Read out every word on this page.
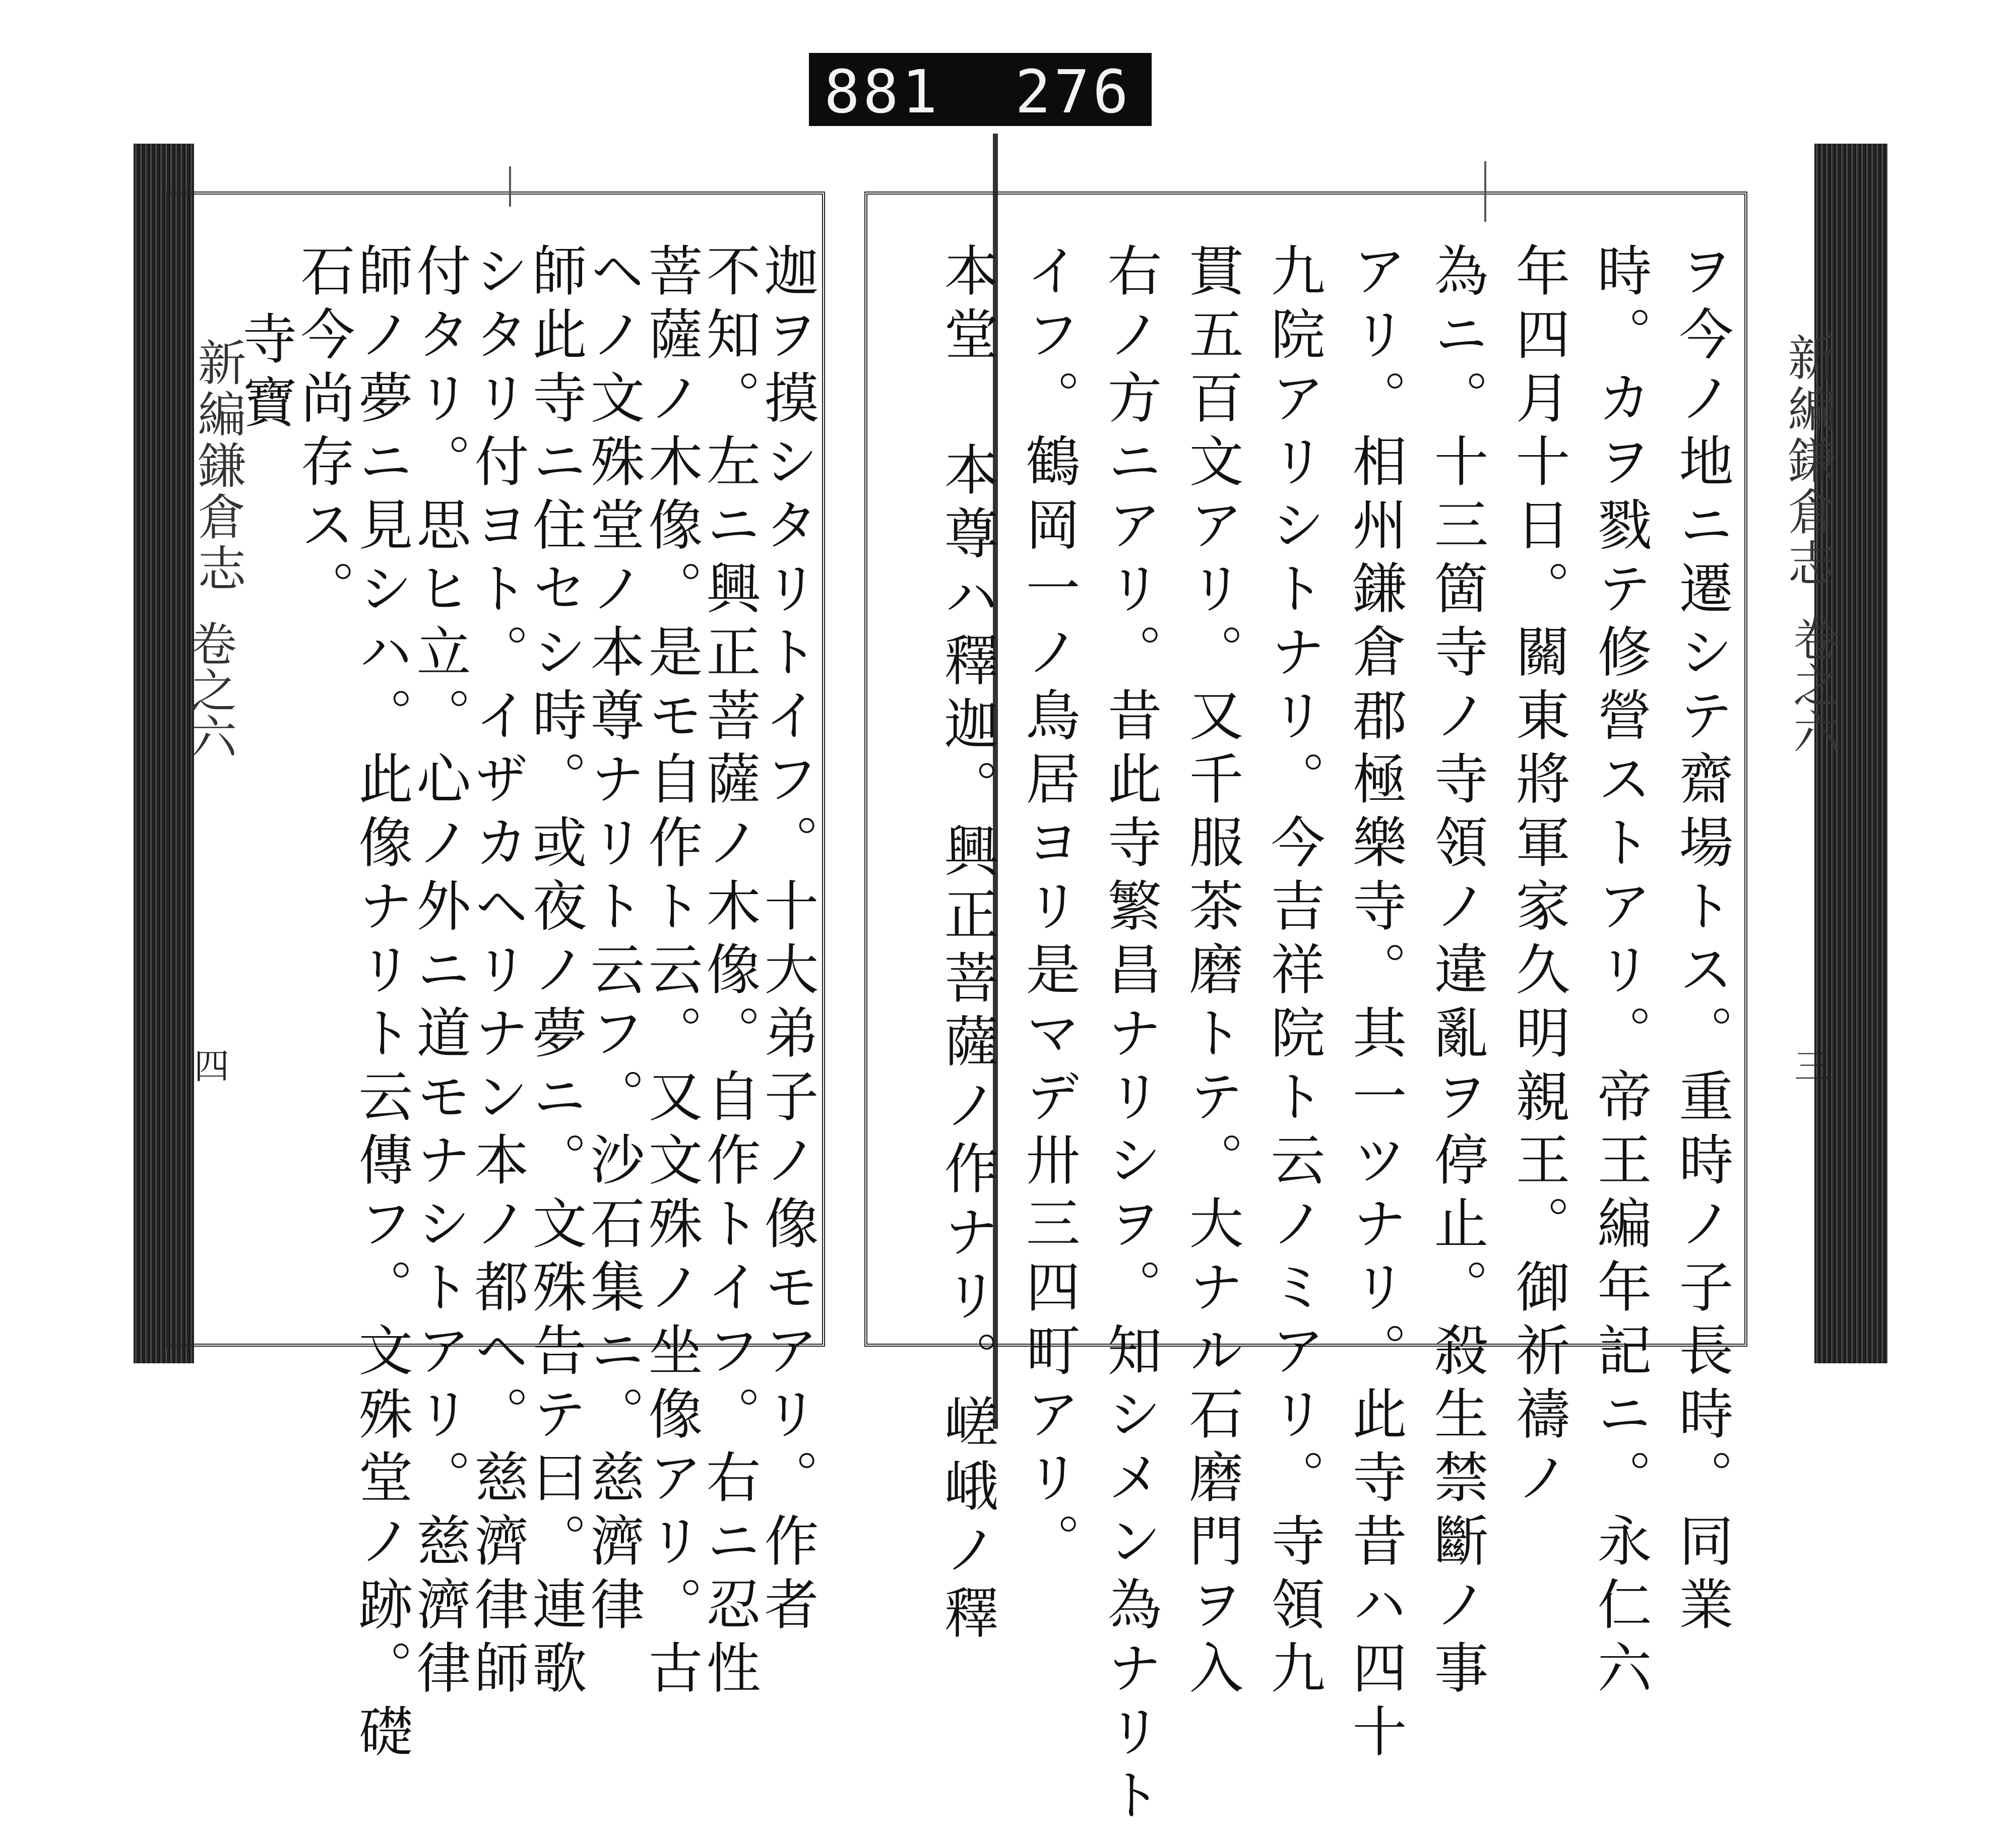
881 276
新編鎌倉志
卷之六
四
新編鎌倉志
卷之六
三
迦ヲ摸シタリトイフ。十大弟子ノ像モアリ。作者
不知。左ニ興正菩薩ノ木像。自作トイフ。右ニ忍性
菩薩ノ木像。是モ自作ト云。又文殊ノ坐像アリ。古
ヘノ文殊堂ノ本尊ナリト云フ。沙石集ニ。慈濟律
師此寺ニ住セシ時。或夜ノ夢ニ。文殊告テ曰。連歌
シタリ付ヨト。イザカヘリナン本ノ都ヘ。慈濟律師
付タリ。思ヒ立。心ノ外ニ道モナシトアリ。慈濟律
師ノ夢ニ見シハ。此像ナリト云傳フ。文殊堂ノ跡。礎
石今尚存ス。
寺寶	ヲ今ノ地ニ遷シテ齋場トス。重時ノ子長時。同業
時。カヲ戮テ修營ストアリ。帝王編年記ニ。永仁六
年四月十日。關東將軍家久明親王。御祈禱ノ
為ニ。十三箇寺ノ寺領ノ違亂ヲ停止。殺生禁斷ノ事
アリ。相州鎌倉郡極樂寺。其一ツナリ。此寺昔ハ四十
九院アリシトナリ。今吉祥院ト云ノミアリ。寺領九
貫五百文アリ。又千服茶磨トテ。大ナル石磨門ヲ入
右ノ方ニアリ。昔此寺繁昌ナリシヲ。知シメン為ナリト
イフ。鶴岡一ノ鳥居ヨリ是マデ卅三四町アリ。
本堂 本尊ハ釋迦。興正菩薩ノ作ナリ。嵯峨ノ釋
